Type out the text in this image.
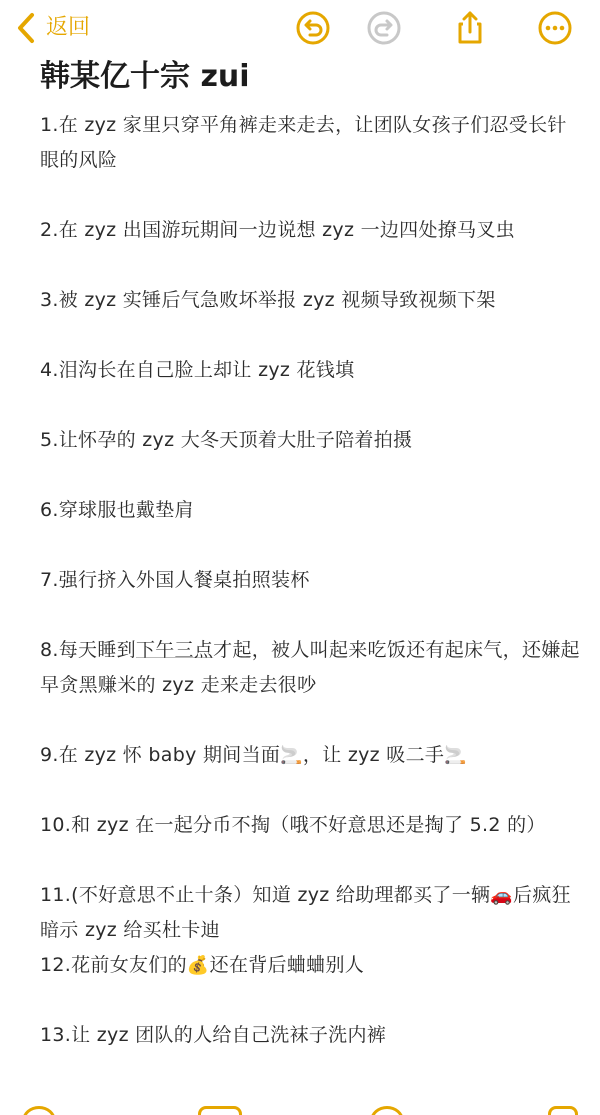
返回
韩某亿十宗 zui
1.在 zyz 家里只穿平角裤走来走去，让团队女孩子们忍受长针眼的风险
2.在 zyz 出国游玩期间一边说想 zyz 一边四处撩马叉虫
3.被 zyz 实锤后气急败坏举报 zyz 视频导致视频下架
4.泪沟长在自己脸上却让 zyz 花钱填
5.让怀孕的 zyz 大冬天顶着大肚子陪着拍摄
6.穿球服也戴垫肩
7.强行挤入外国人餐桌拍照装杯
8.每天睡到下午三点才起，被人叫起来吃饭还有起床气，还嫌起早贪黑赚米的 zyz 走来走去很吵
9.在 zyz 怀 baby 期间当面🚬，让 zyz 吸二手🚬
10.和 zyz 在一起分币不掏（哦不好意思还是掏了 5.2 的）
11.(不好意思不止十条）知道 zyz 给助理都买了一辆🚗后疯狂暗示 zyz 给买杜卡迪
12.花前女友们的💰还在背后蛐蛐别人
13.让 zyz 团队的人给自己洗袜子洗内裤
